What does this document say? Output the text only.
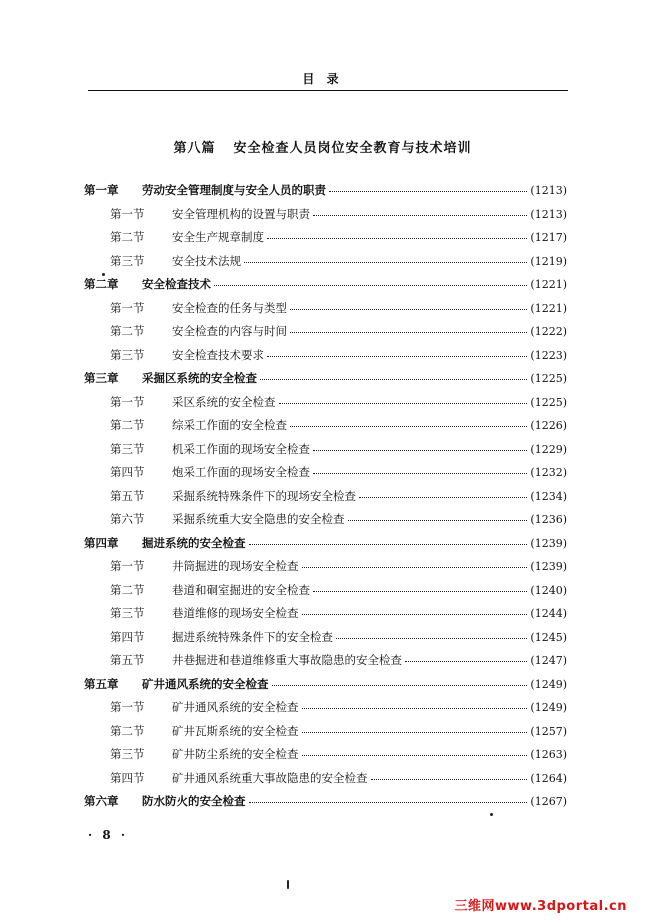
目 录
第八篇 安全检查人员岗位安全教育与技术培训
第一章	劳动安全管理制度与安全人员的职责	(1213)
第一节	安全管理机构的设置与职责	(1213)
第二节	安全生产规章制度	(1217)
第三节	安全技术法规	(1219)
第二章	安全检查技术	(1221)
第一节	安全检查的任务与类型	(1221)
第二节	安全检查的内容与时间	(1222)
第三节	安全检查技术要求	(1223)
第三章	采掘区系统的安全检查	(1225)
第一节	采区系统的安全检查	(1225)
第二节	综采工作面的安全检查	(1226)
第三节	机采工作面的现场安全检查	(1229)
第四节	炮采工作面的现场安全检查	(1232)
第五节	采掘系统特殊条件下的现场安全检查	(1234)
第六节	采掘系统重大安全隐患的安全检查	(1236)
第四章	掘进系统的安全检查	(1239)
第一节	井筒掘进的现场安全检查	(1239)
第二节	巷道和硐室掘进的安全检查	(1240)
第三节	巷道维修的现场安全检查	(1244)
第四节	掘进系统特殊条件下的安全检查	(1245)
第五节	井巷掘进和巷道维修重大事故隐患的安全检查	(1247)
第五章	矿井通风系统的安全检查	(1249)
第一节	矿井通风系统的安全检查	(1249)
第二节	矿井瓦斯系统的安全检查	(1257)
第三节	矿井防尘系统的安全检查	(1263)
第四节	矿井通风系统重大事故隐患的安全检查	(1264)
第六章	防水防火的安全检查	(1267)
· 8 ·
三维网www.3dportal.cn
